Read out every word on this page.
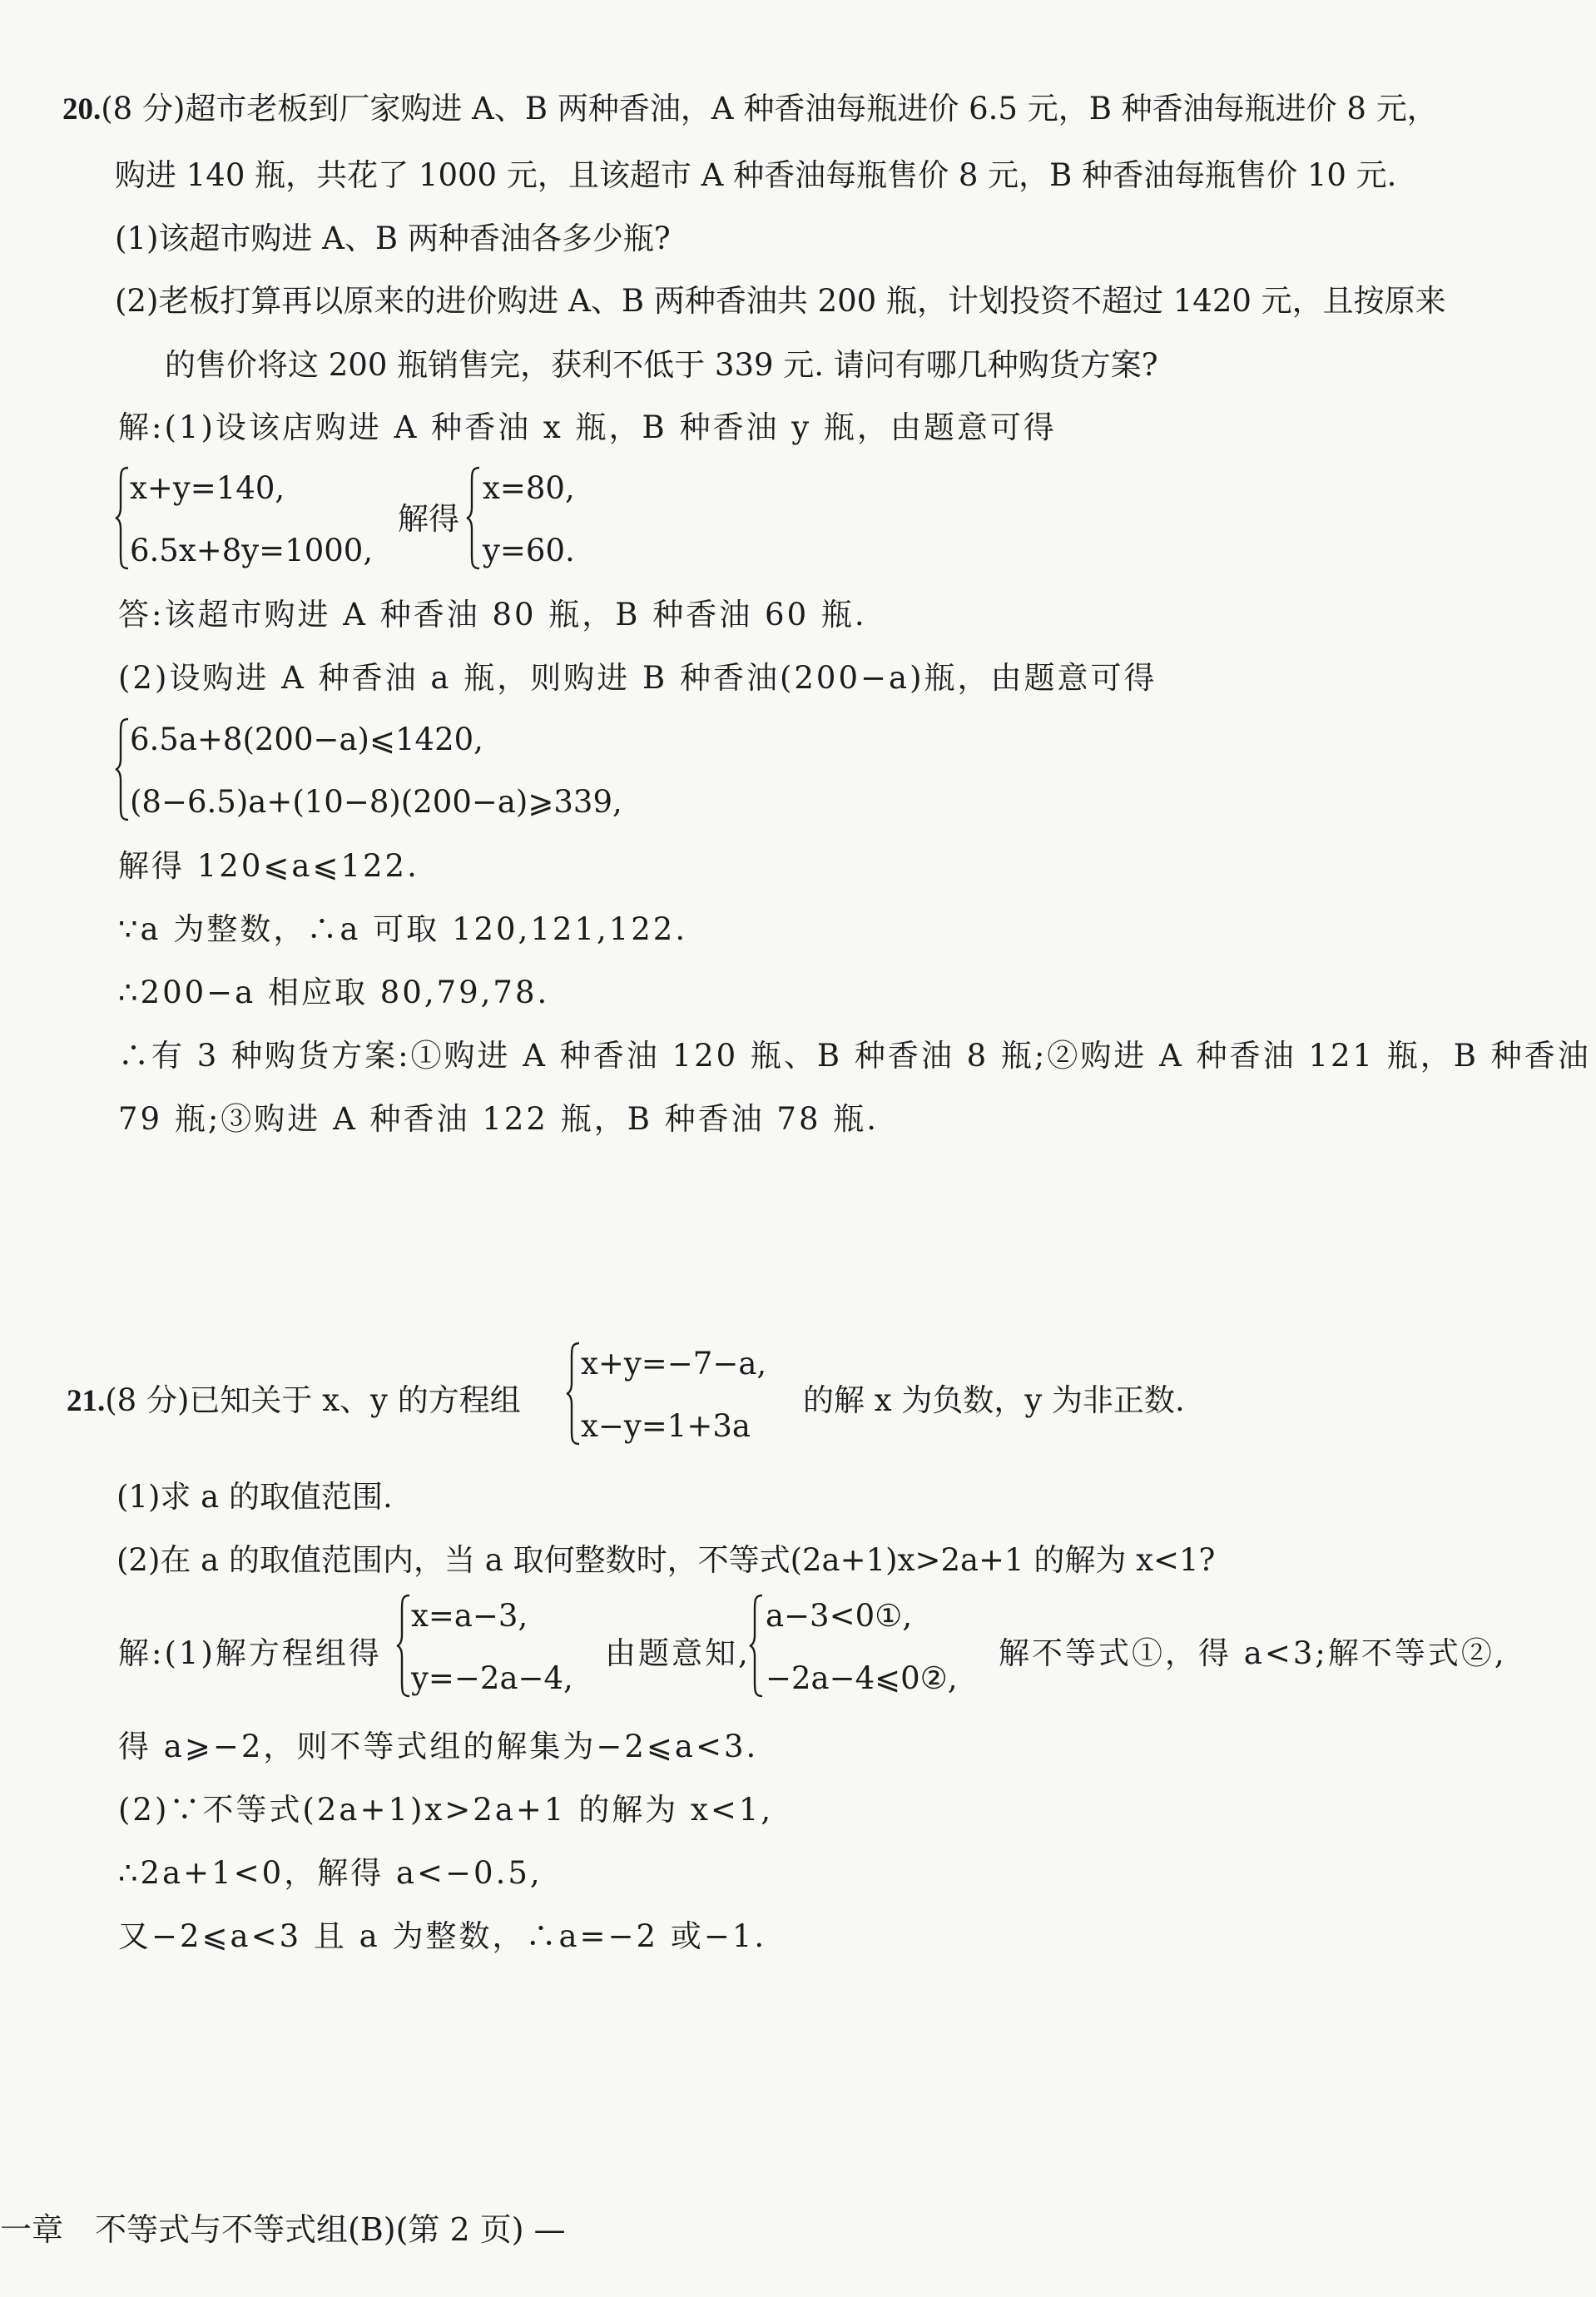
20.(8 分)超市老板到厂家购进 A、B 两种香油，A 种香油每瓶进价 6.5 元，B 种香油每瓶进价 8 元，
购进 140 瓶，共花了 1000 元，且该超市 A 种香油每瓶售价 8 元，B 种香油每瓶售价 10 元.
(1)该超市购进 A、B 两种香油各多少瓶?
(2)老板打算再以原来的进价购进 A、B 两种香油共 200 瓶，计划投资不超过 1420 元，且按原来
的售价将这 200 瓶销售完，获利不低于 339 元. 请问有哪几种购货方案?
解:(1)设该店购进 A 种香油 x 瓶，B 种香油 y 瓶，由题意可得
x+y=140,
6.5x+8y=1000,
解得
x=80,
y=60.
答:该超市购进 A 种香油 80 瓶，B 种香油 60 瓶.
(2)设购进 A 种香油 a 瓶，则购进 B 种香油(200−a)瓶，由题意可得
6.5a+8(200−a)⩽1420,
(8−6.5)a+(10−8)(200−a)⩾339,
解得 120⩽a⩽122.
∵a 为整数，∴a 可取 120,121,122.
∴200−a 相应取 80,79,78.
∴有 3 种购货方案:①购进 A 种香油 120 瓶、B 种香油 8 瓶;②购进 A 种香油 121 瓶，B 种香油
79 瓶;③购进 A 种香油 122 瓶，B 种香油 78 瓶.
21.(8 分)已知关于 x、y 的方程组
x+y=−7−a,
x−y=1+3a
的解 x 为负数，y 为非正数.
(1)求 a 的取值范围.
(2)在 a 的取值范围内，当 a 取何整数时，不等式(2a+1)x>2a+1 的解为 x<1?
解:(1)解方程组得
x=a−3,
y=−2a−4,
由题意知,
a−3<0①,
−2a−4⩽0②,
解不等式①，得 a<3;解不等式②,
得 a⩾−2，则不等式组的解集为−2⩽a<3.
(2)∵不等式(2a+1)x>2a+1 的解为 x<1,
∴2a+1<0，解得 a<−0.5,
又−2⩽a<3 且 a 为整数，∴a=−2 或−1.
一章　不等式与不等式组(B)(第 2 页) —
